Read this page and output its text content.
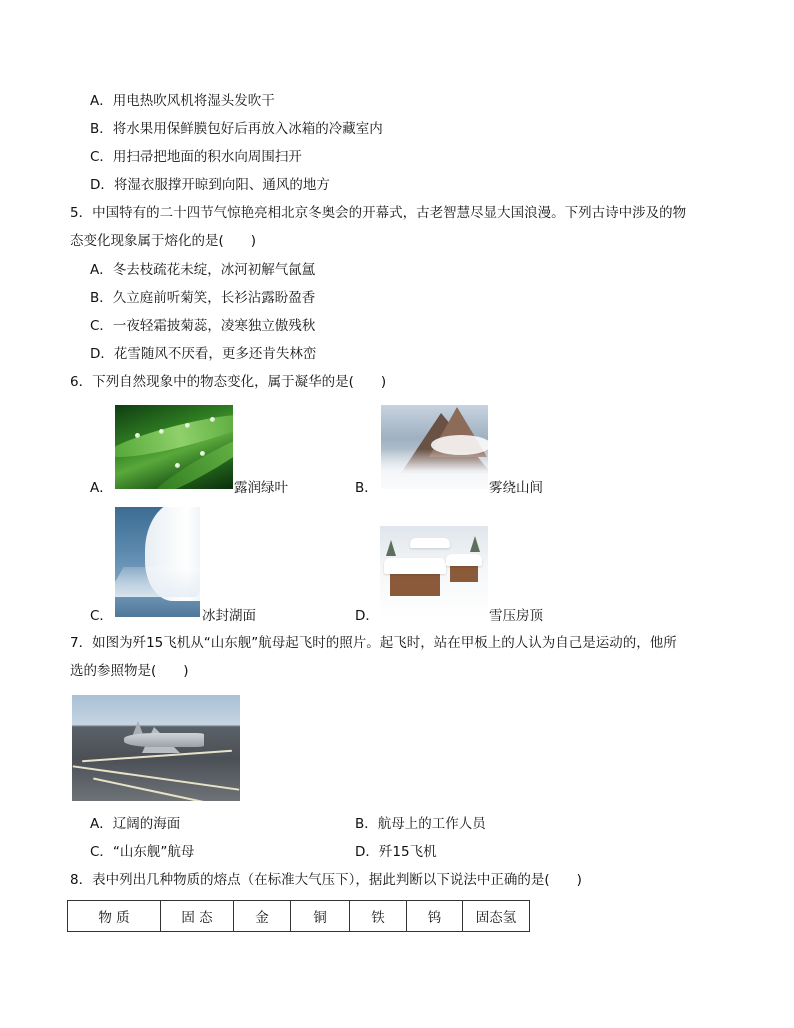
A．用电热吹风机将湿头发吹干
B．将水果用保鲜膜包好后再放入冰箱的冷藏室内
C．用扫帚把地面的积水向周围扫开
D．将湿衣服撑开晾到向阳、通风的地方
5．中国特有的二十四节气惊艳亮相北京冬奥会的开幕式，古老智慧尽显大国浪漫。下列古诗中涉及的物
态变化现象属于熔化的是(　　)
A．冬去枝疏花未绽，冰河初解气氤氲
B．久立庭前听菊笑，长衫沾露盼盈香
C．一夜轻霜披菊蕊，凌寒独立傲残秋
D．花雪随风不厌看，更多还肯失林峦
6．下列自然现象中的物态变化，属于凝华的是(　　)
A．	露润绿叶	B．	雾绕山间
C．	冰封湖面	D．	雪压房顶
7．如图为歼15飞机从“山东舰”航母起飞时的照片。起飞时，站在甲板上的人认为自己是运动的，他所
选的参照物是(　　)
A．辽阔的海面	B．航母上的工作人员
C．“山东舰”航母	D．歼15飞机
8．表中列出几种物质的熔点（在标准大气压下），据此判断以下说法中正确的是(　　)
物 质	固 态	金	铜	铁	钨	固态氢
